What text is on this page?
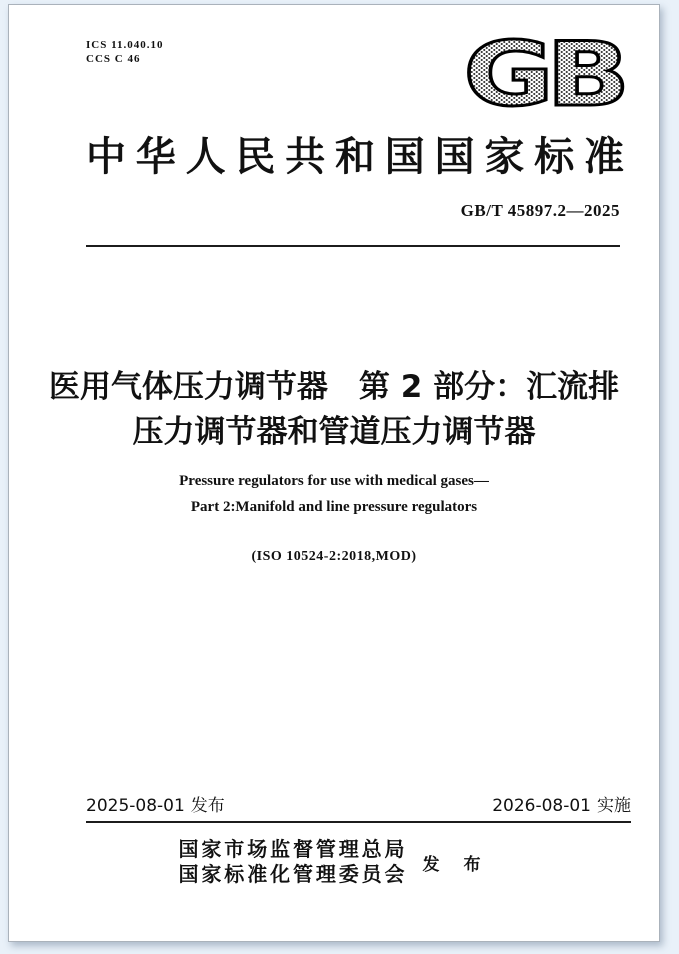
ICS 11.040.10
CCS C 46	GB
中华人民共和国国家标准
GB/T 45897.2—2025
医用气体压力调节器　第 2 部分：汇流排
压力调节器和管道压力调节器
Pressure regulators for use with medical gases—
Part 2:Manifold and line pressure regulators
(ISO 10524-2:2018,MOD)
2025-08-01 发布	2026-08-01 实施
国家市场监督管理总局
国家标准化管理委员会 发 布
